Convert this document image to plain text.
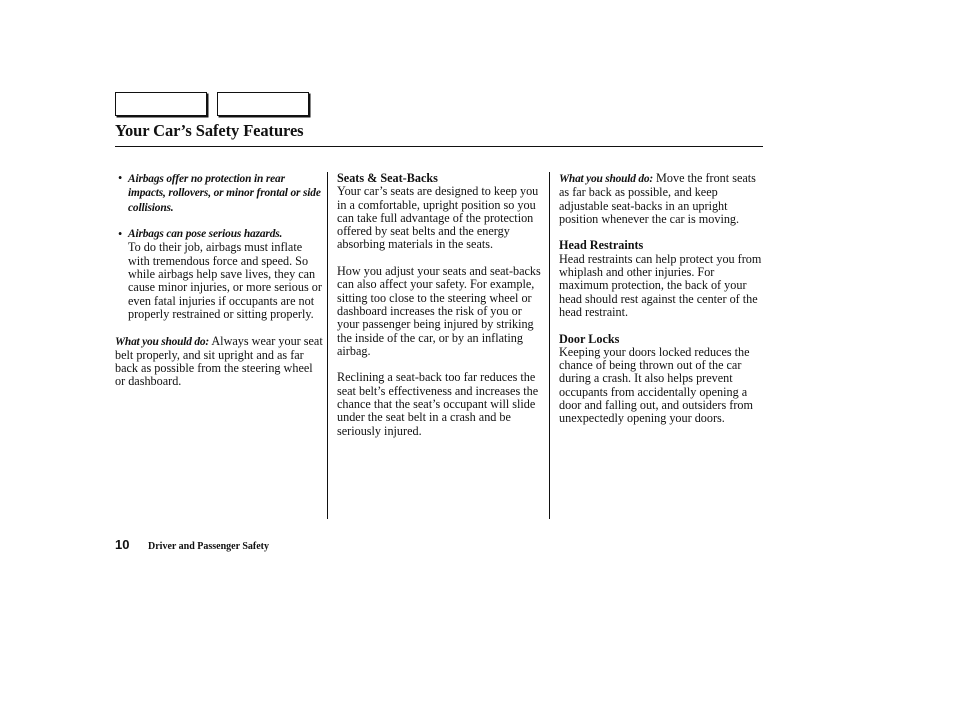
Your Car’s Safety Features
• Airbags offer no protection in rear impacts, rollovers, or minor frontal or side collisions.
• Airbags can pose serious hazards.
To do their job, airbags must inflate with tremendous force and speed. So while airbags help save lives, they can cause minor injuries, or more serious or even fatal injuries if occupants are not properly restrained or sitting properly.

What you should do: Always wear your seat belt properly, and sit upright and as far back as possible from the steering wheel or dashboard.

Seats & Seat-Backs
Your car’s seats are designed to keep you in a comfortable, upright position so you can take full advantage of the protection offered by seat belts and the energy absorbing materials in the seats.

How you adjust your seats and seat-backs can also affect your safety. For example, sitting too close to the steering wheel or dashboard increases the risk of you or your passenger being injured by striking the inside of the car, or by an inflating airbag.

Reclining a seat-back too far reduces the seat belt’s effectiveness and increases the chance that the seat’s occupant will slide under the seat belt in a crash and be seriously injured.

What you should do: Move the front seats as far back as possible, and keep adjustable seat-backs in an upright position whenever the car is moving.

Head Restraints
Head restraints can help protect you from whiplash and other injuries. For maximum protection, the back of your head should rest against the center of the head restraint.

Door Locks
Keeping your doors locked reduces the chance of being thrown out of the car during a crash. It also helps prevent occupants from accidentally opening a door and falling out, and outsiders from unexpectedly opening your doors.

10 Driver and Passenger Safety
